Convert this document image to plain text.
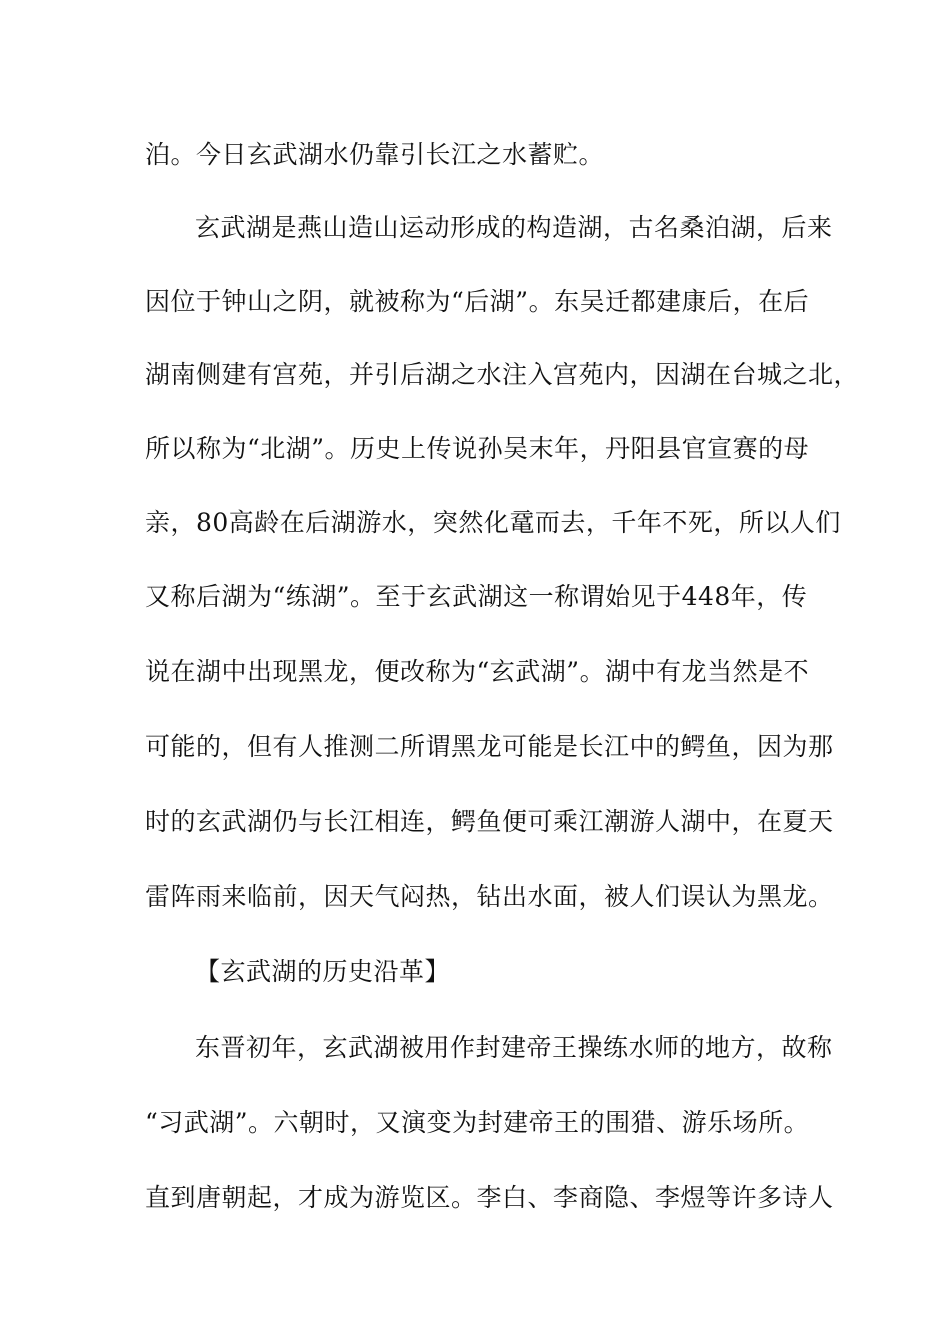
泊。今日玄武湖水仍靠引长江之水蓄贮。
玄武湖是燕山造山运动形成的构造湖，古名桑泊湖，后来
因位于钟山之阴，就被称为“后湖”。东吴迁都建康后，在后
湖南侧建有宫苑，并引后湖之水注入宫苑内，因湖在台城之北，
所以称为“北湖”。历史上传说孙吴末年，丹阳县官宣赛的母
亲，80高龄在后湖游水，突然化鼋而去，千年不死，所以人们
又称后湖为“练湖”。至于玄武湖这一称谓始见于448年，传
说在湖中出现黑龙，便改称为“玄武湖”。湖中有龙当然是不
可能的，但有人推测二所谓黑龙可能是长江中的鳄鱼，因为那
时的玄武湖仍与长江相连，鳄鱼便可乘江潮游人湖中，在夏天
雷阵雨来临前，因天气闷热，钻出水面，被人们误认为黑龙。
【玄武湖的历史沿革】
东晋初年，玄武湖被用作封建帝王操练水师的地方，故称
“习武湖”。六朝时，又演变为封建帝王的围猎、游乐场所。
直到唐朝起，才成为游览区。李白、李商隐、李煜等许多诗人
